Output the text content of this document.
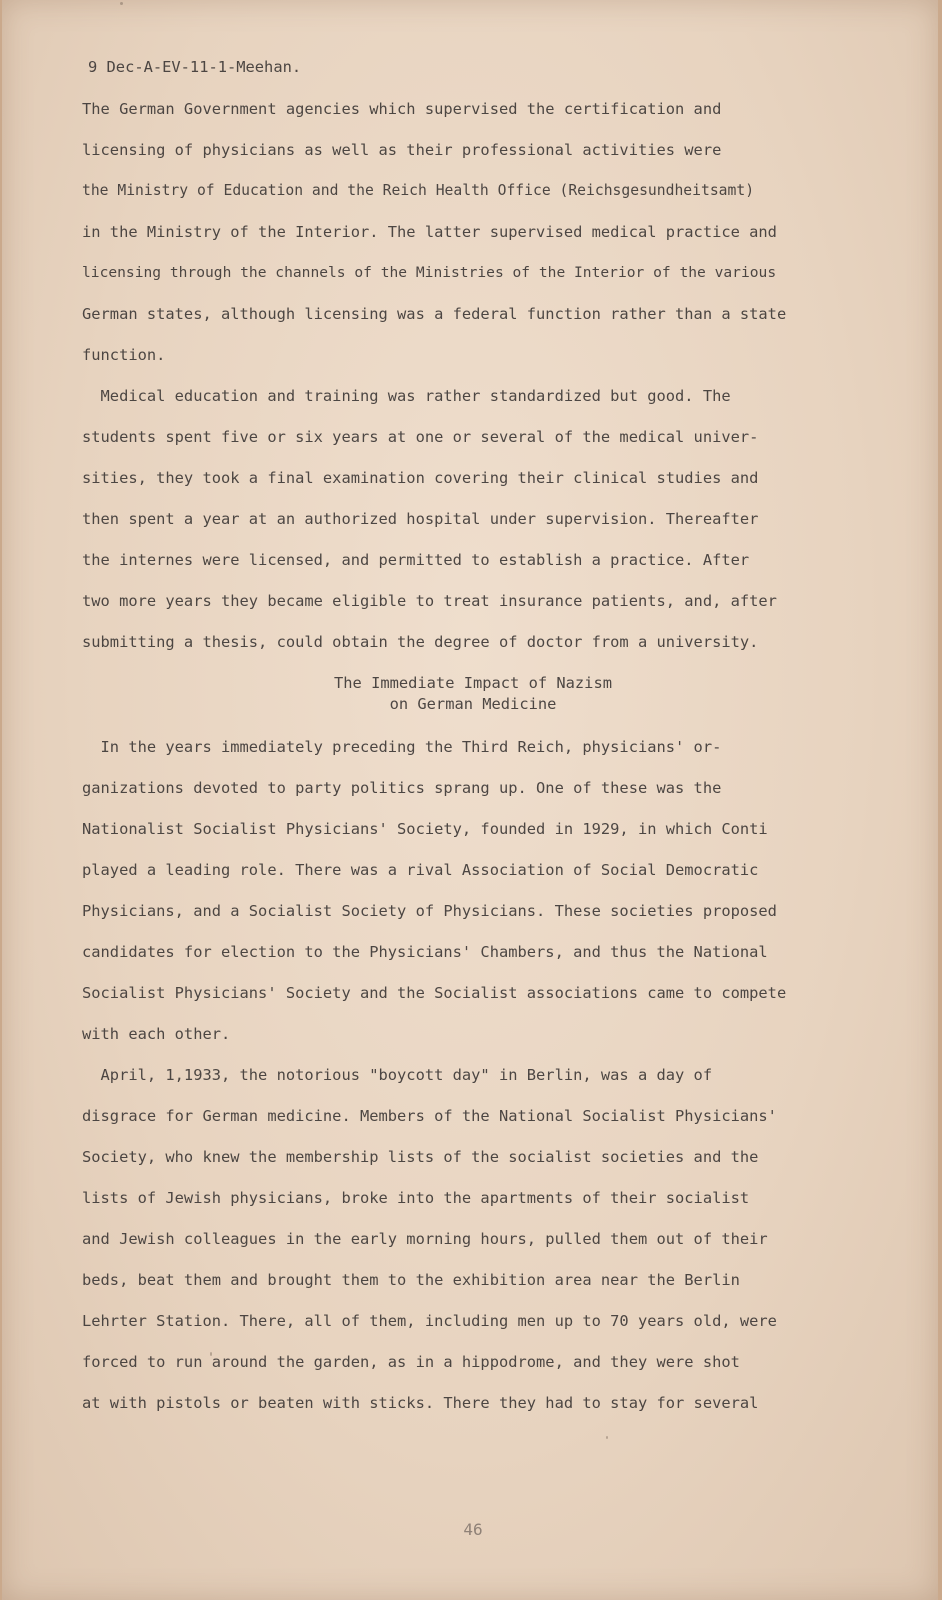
9 Dec-A-EV-11-1-Meehan.
The German Government agencies which supervised the certification and
licensing of physicians as well as their professional activities were
the Ministry of Education and the Reich Health Office (Reichsgesundheitsamt)
in the Ministry of the Interior. The latter supervised medical practice and
licensing through the channels of the Ministries of the Interior of the various
German states, although licensing was a federal function rather than a state
function.
Medical education and training was rather standardized but good. The
students spent five or six years at one or several of the medical univer-
sities, they took a final examination covering their clinical studies and
then spent a year at an authorized hospital under supervision. Thereafter
the internes were licensed, and permitted to establish a practice. After
two more years they became eligible to treat insurance patients, and, after
submitting a thesis, could obtain the degree of doctor from a university.
The Immediate Impact of Nazism
on German Medicine
In the years immediately preceding the Third Reich, physicians' or-
ganizations devoted to party politics sprang up. One of these was the
Nationalist Socialist Physicians' Society, founded in 1929, in which Conti
played a leading role. There was a rival Association of Social Democratic
Physicians, and a Socialist Society of Physicians. These societies proposed
candidates for election to the Physicians' Chambers, and thus the National
Socialist Physicians' Society and the Socialist associations came to compete
with each other.
April, 1,1933, the notorious "boycott day" in Berlin, was a day of
disgrace for German medicine. Members of the National Socialist Physicians'
Society, who knew the membership lists of the socialist societies and the
lists of Jewish physicians, broke into the apartments of their socialist
and Jewish colleagues in the early morning hours, pulled them out of their
beds, beat them and brought them to the exhibition area near the Berlin
Lehrter Station. There, all of them, including men up to 70 years old, were
forced to run around the garden, as in a hippodrome, and they were shot
at with pistols or beaten with sticks. There they had to stay for several
46
